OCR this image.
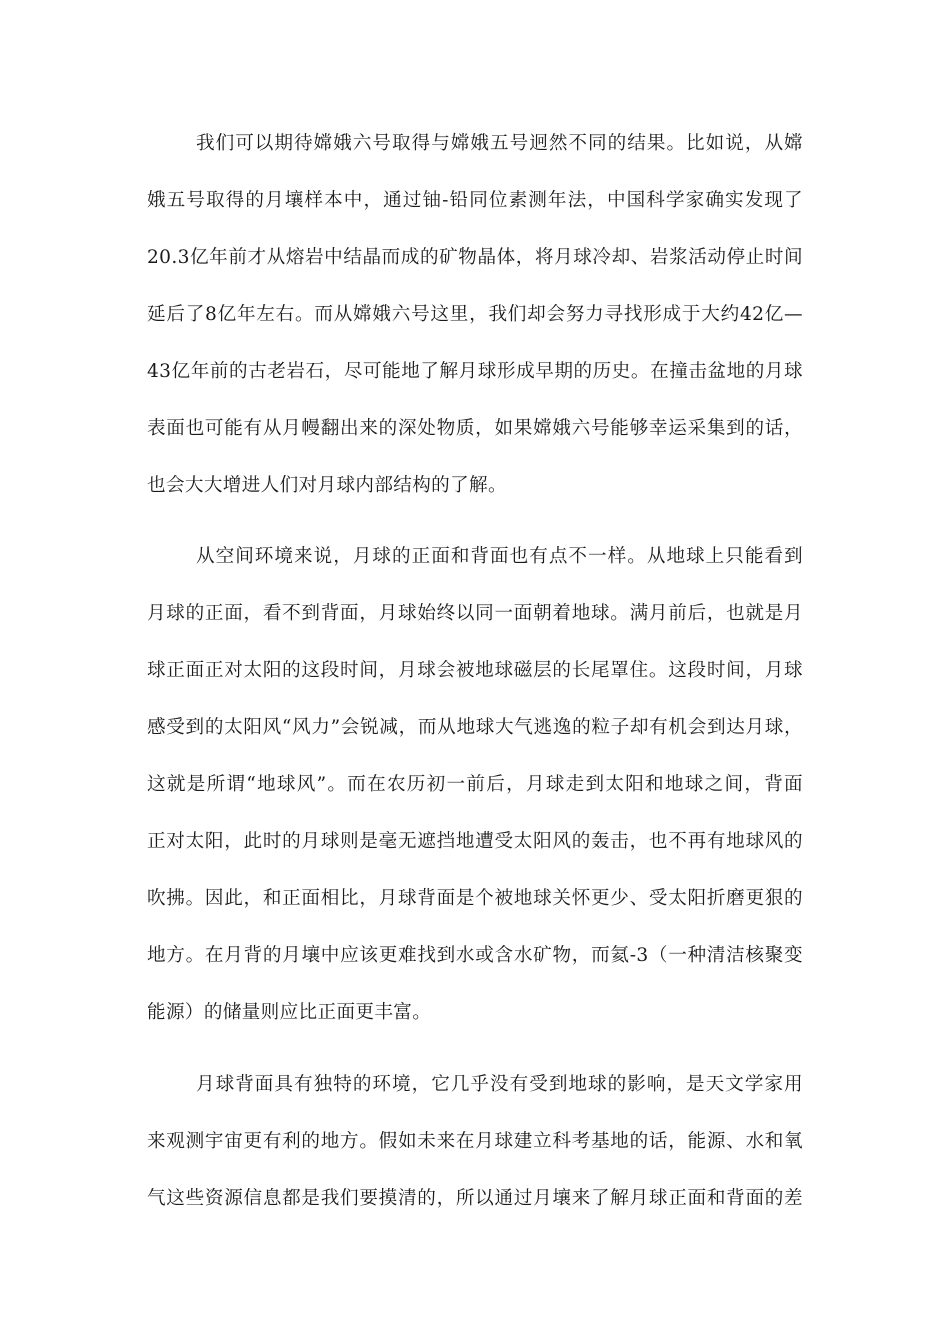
我们可以期待嫦娥六号取得与嫦娥五号迥然不同的结果。比如说，从嫦
娥五号取得的月壤样本中，通过铀-铅同位素测年法，中国科学家确实发现了
20.3亿年前才从熔岩中结晶而成的矿物晶体，将月球冷却、岩浆活动停止时间
延后了8亿年左右。而从嫦娥六号这里，我们却会努力寻找形成于大约42亿—
43亿年前的古老岩石，尽可能地了解月球形成早期的历史。在撞击盆地的月球
表面也可能有从月幔翻出来的深处物质，如果嫦娥六号能够幸运采集到的话，
也会大大增进人们对月球内部结构的了解。
从空间环境来说，月球的正面和背面也有点不一样。从地球上只能看到
月球的正面，看不到背面，月球始终以同一面朝着地球。满月前后，也就是月
球正面正对太阳的这段时间，月球会被地球磁层的长尾罩住。这段时间，月球
感受到的太阳风“风力”会锐减，而从地球大气逃逸的粒子却有机会到达月球，
这就是所谓“地球风”。而在农历初一前后，月球走到太阳和地球之间，背面
正对太阳，此时的月球则是毫无遮挡地遭受太阳风的轰击，也不再有地球风的
吹拂。因此，和正面相比，月球背面是个被地球关怀更少、受太阳折磨更狠的
地方。在月背的月壤中应该更难找到水或含水矿物，而氦-3（一种清洁核聚变
能源）的储量则应比正面更丰富。
月球背面具有独特的环境，它几乎没有受到地球的影响，是天文学家用
来观测宇宙更有利的地方。假如未来在月球建立科考基地的话，能源、水和氧
气这些资源信息都是我们要摸清的，所以通过月壤来了解月球正面和背面的差
